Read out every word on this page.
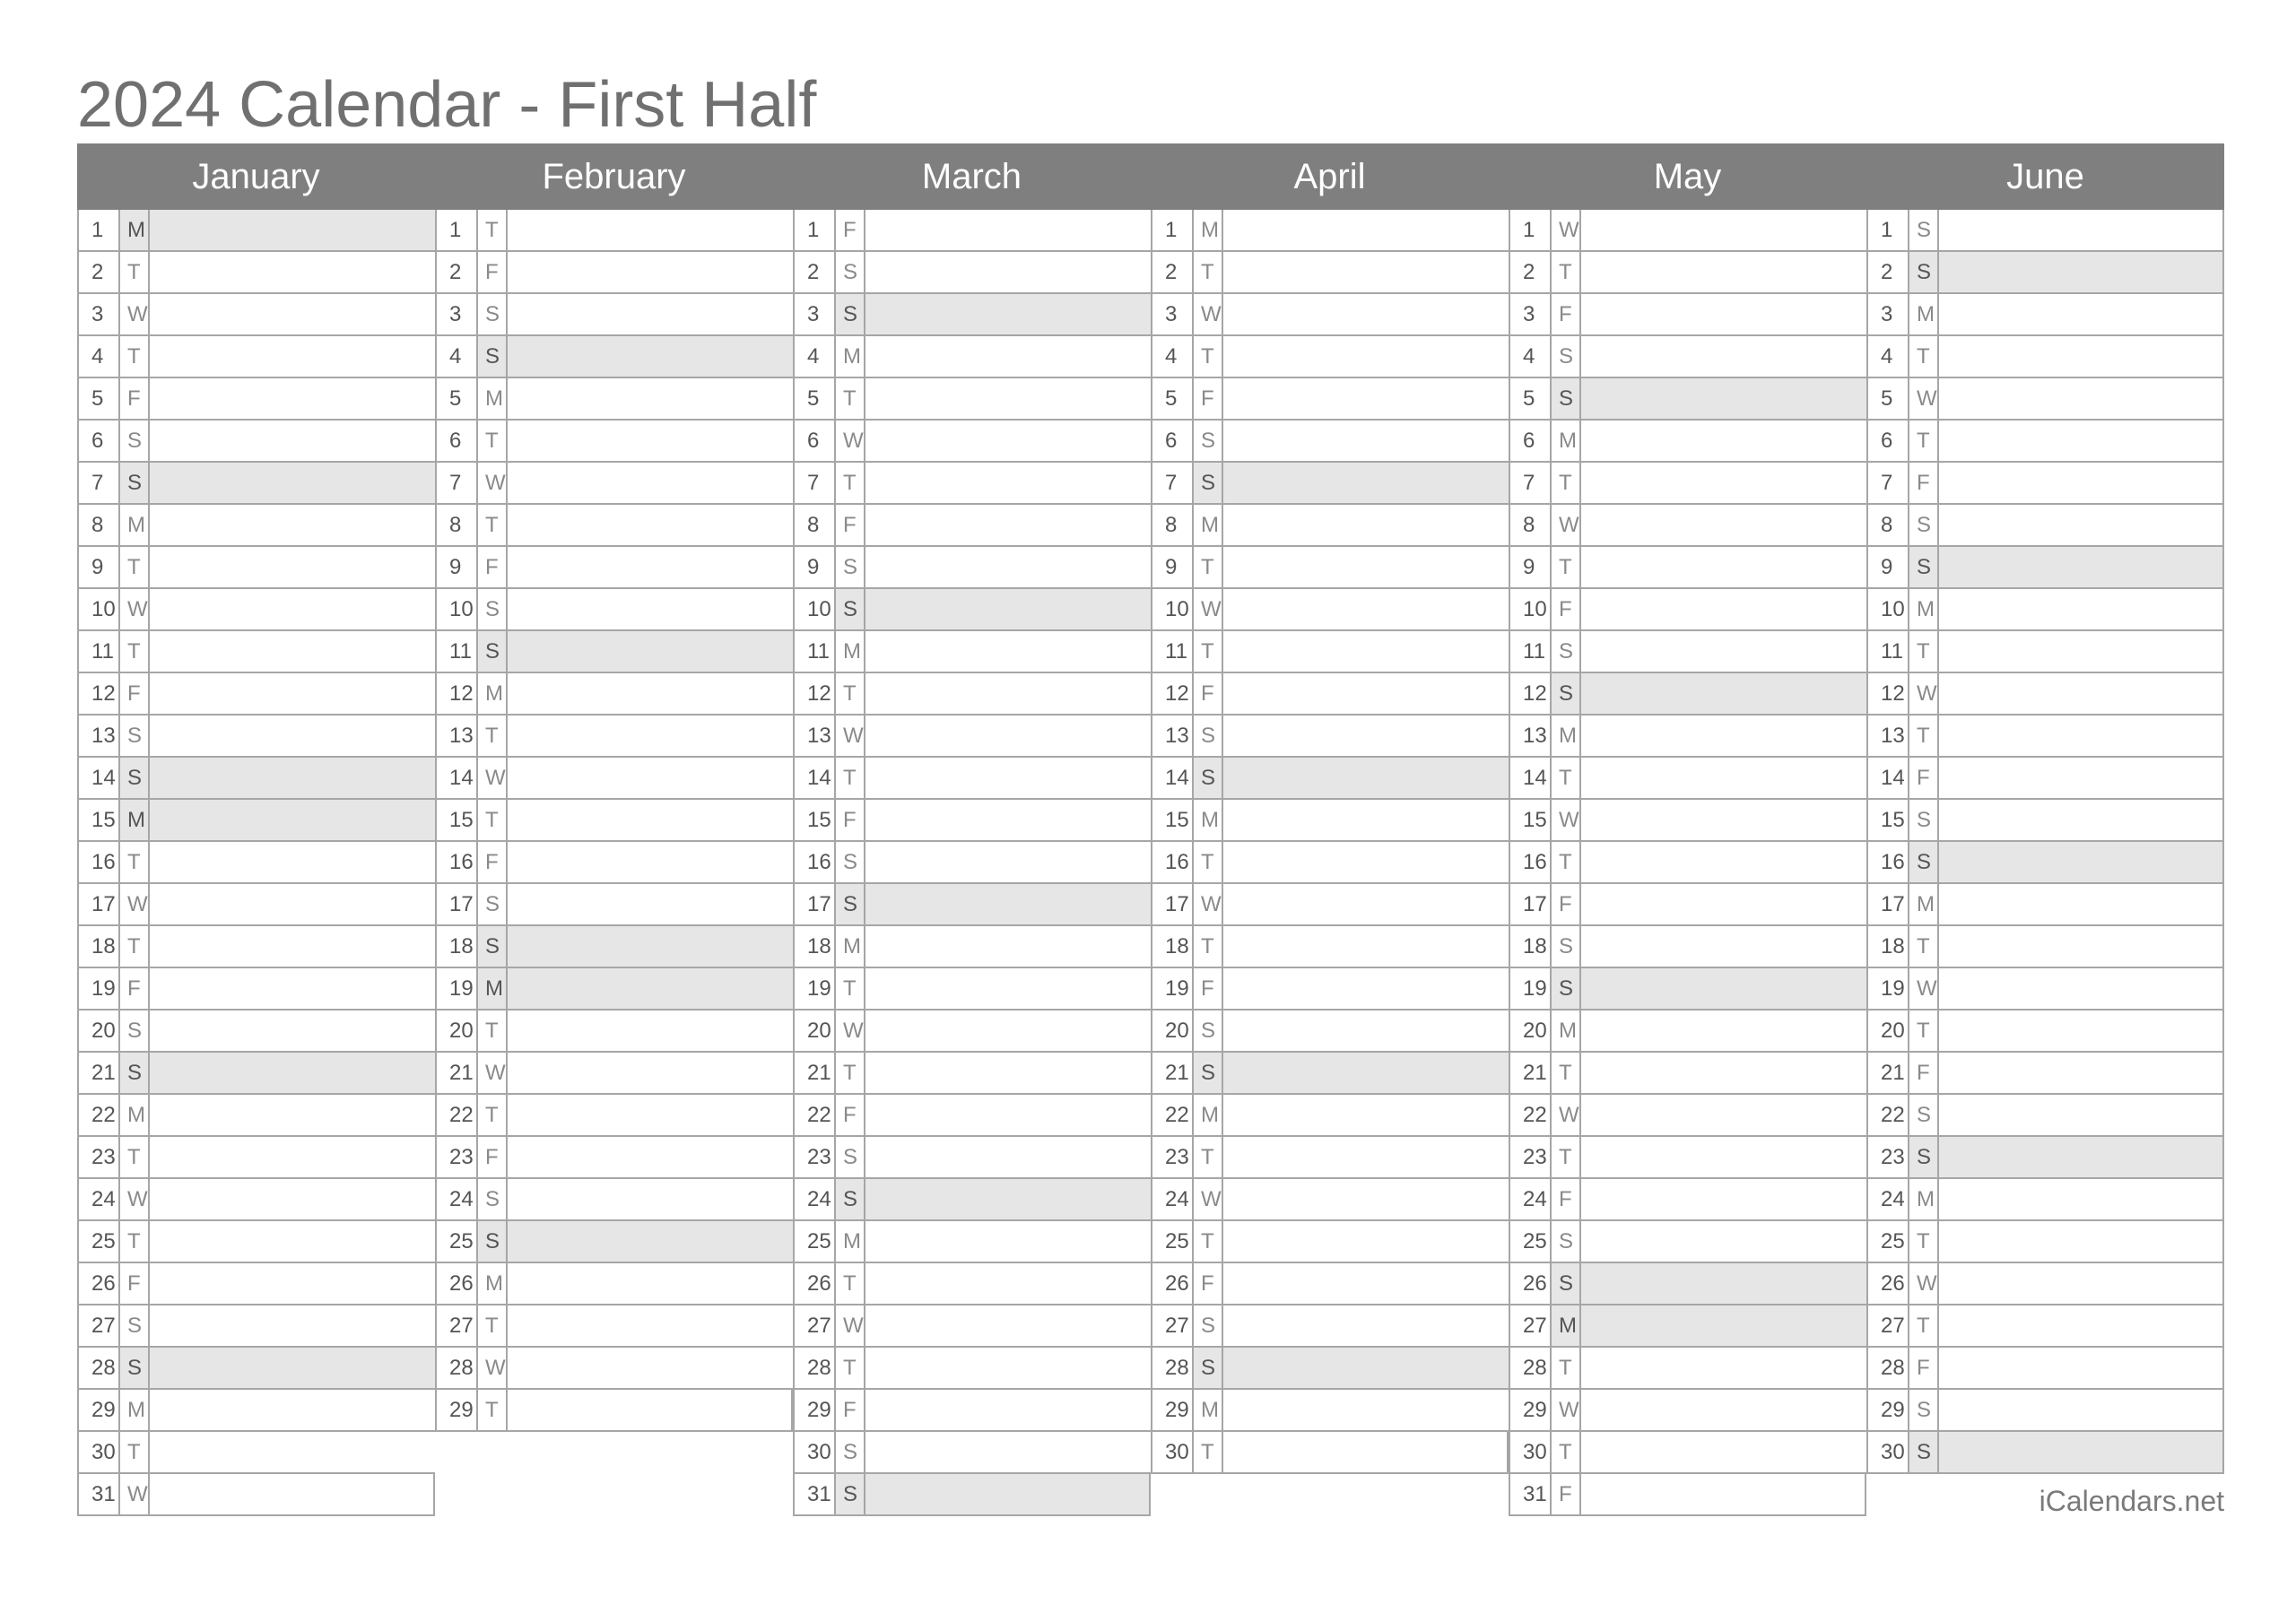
2024 Calendar - First Half
January
1	M
2	T
3	W
4	T
5	F
6	S
7	S
8	M
9	T
10 W
11 T
12 F
13 S
14 S
15 M
16 T
17 W
18 T
19 F
20 S
21 S
22 M
23 T
24 W
25 T
26 F
27 S
28 S
29 M
30 T
31 W
February
1	T
2	F
3	S
4	S
5	M
6	T
7	W
8	T
9	F
10 S
11 S
12 M
13 T
14 W
15 T
16 F
17 S
18 S
19 M
20 T
21 W
22 T
23 F
24 S
25 S
26 M
27 T
28 W
29 T
March
1	F
2	S
3	S
4	M
5	T
6	W
7	T
8	F
9	S
10 S
11 M
12 T
13 W
14 T
15 F
16 S
17 S
18 M
19 T
20 W
21 T
22 F
23 S
24 S
25 M
26 T
27 W
28 T
29 F
30 S
31 S
April
1	M
2	T
3	W
4	T
5	F
6	S
7	S
8	M
9	T
10 W
11 T
12 F
13 S
14 S
15 M
16 T
17 W
18 T
19 F
20 S
21 S
22 M
23 T
24 W
25 T
26 F
27 S
28 S
29 M
30 T
May
1	W
2	T
3	F
4	S
5	S
6	M
7	T
8	W
9	T
10 F
11 S
12 S
13 M
14 T
15 W
16 T
17 F
18 S
19 S
20 M
21 T
22 W
23 T
24 F
25 S
26 S
27 M
28 T
29 W
30 T
31 F
June
1	S
2	S
3	M
4	T
5	W
6	T
7	F
8	S
9	S
10 M
11 T
12 W
13 T
14 F
15 S
16 S
17 M
18 T
19 W
20 T
21 F
22 S
23 S
24 M
25 T
26 W
27 T
28 F
29 S
30 S
iCalendars.net
